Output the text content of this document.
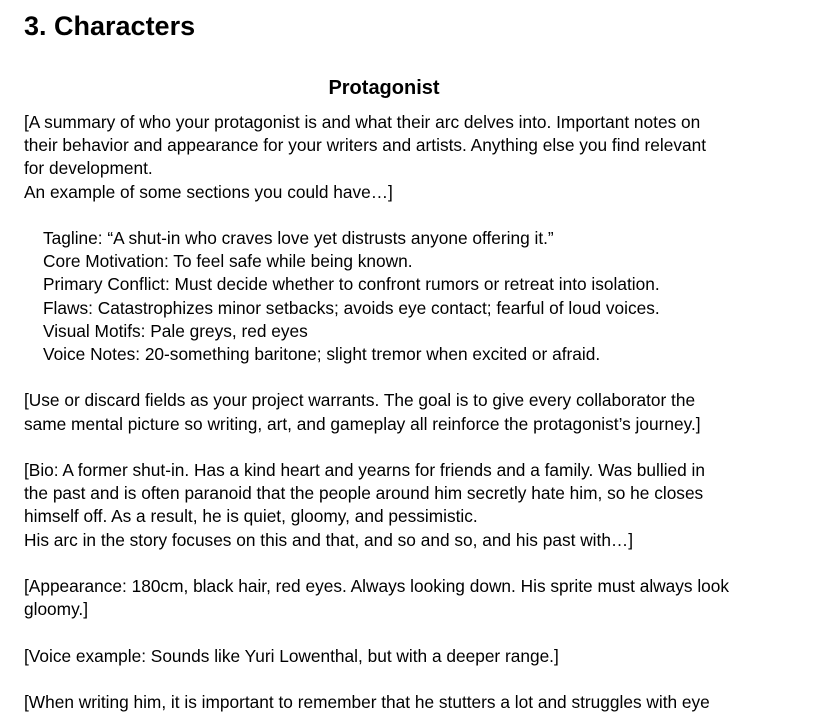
3. Characters
Protagonist

[A summary of who your protagonist is and what their arc delves into. Important notes on
their behavior and appearance for your writers and artists. Anything else you find relevant
for development.
An example of some sections you could have…]

Tagline: “A shut-in who craves love yet distrusts anyone offering it.”
Core Motivation: To feel safe while being known.
Primary Conflict: Must decide whether to confront rumors or retreat into isolation.
Flaws: Catastrophizes minor setbacks; avoids eye contact; fearful of loud voices.
Visual Motifs: Pale greys, red eyes
Voice Notes: 20-something baritone; slight tremor when excited or afraid.

[Use or discard fields as your project warrants. The goal is to give every collaborator the
same mental picture so writing, art, and gameplay all reinforce the protagonist’s journey.]

[Bio: A former shut-in. Has a kind heart and yearns for friends and a family. Was bullied in
the past and is often paranoid that the people around him secretly hate him, so he closes
himself off. As a result, he is quiet, gloomy, and pessimistic.
His arc in the story focuses on this and that, and so and so, and his past with…]

[Appearance: 180cm, black hair, red eyes. Always looking down. His sprite must always look
gloomy.]

[Voice example: Sounds like Yuri Lowenthal, but with a deeper range.]

[When writing him, it is important to remember that he stutters a lot and struggles with eye
